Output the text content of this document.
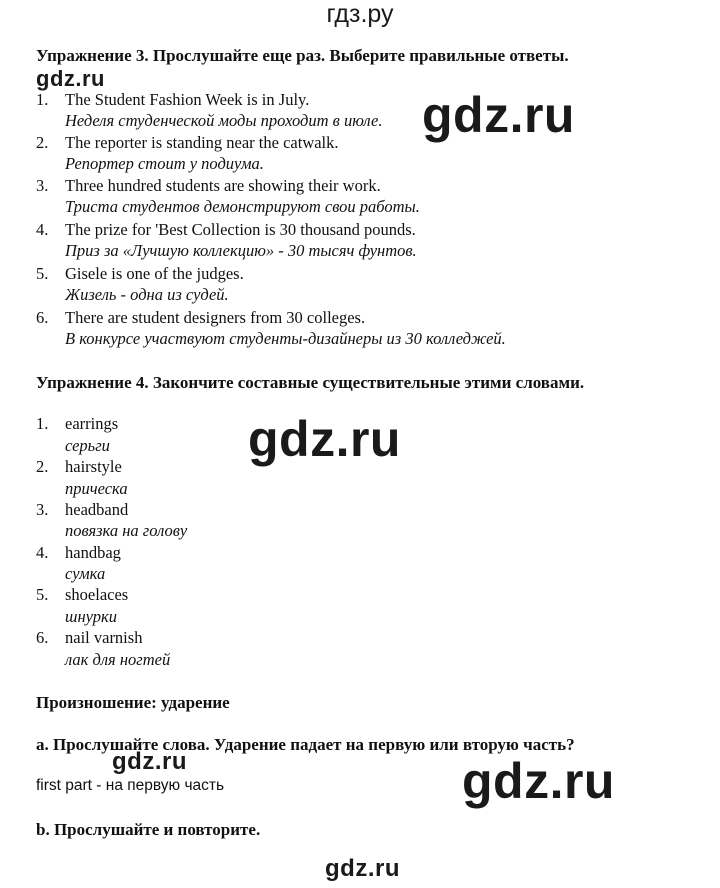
гдз.ру
gdz.ru
gdz.ru
gdz.ru
gdz.ru	gdz.ru
gdz.ru
Упражнение 3. Прослушайте еще раз. Выберите правильные ответы.
1. The Student Fashion Week is in July.
Неделя студенческой моды проходит в июле.
2. The reporter is standing near the catwalk.
Репортер стоит у подиума.
3. Three hundred students are showing their work.
Триста студентов демонстрируют свои работы.
4. The prize for 'Best Collection is 30 thousand pounds.
Приз за «Лучшую коллекцию» - 30 тысяч фунтов.
5. Gisele is one of the judges.
Жизель - одна из судей.
6. There are student designers from 30 colleges.
В конкурсе участвуют студенты-дизайнеры из 30 колледжей.
Упражнение 4. Закончите составные существительные этими словами.
1. earrings
серьги
2. hairstyle
прическа
3. headband
повязка на голову
4. handbag
сумка
5. shoelaces
шнурки
6. nail varnish
лак для ногтей
Произношение: ударение
a. Прослушайте слова. Ударение падает на первую или вторую часть?
first part - на первую часть
b. Прослушайте и повторите.
